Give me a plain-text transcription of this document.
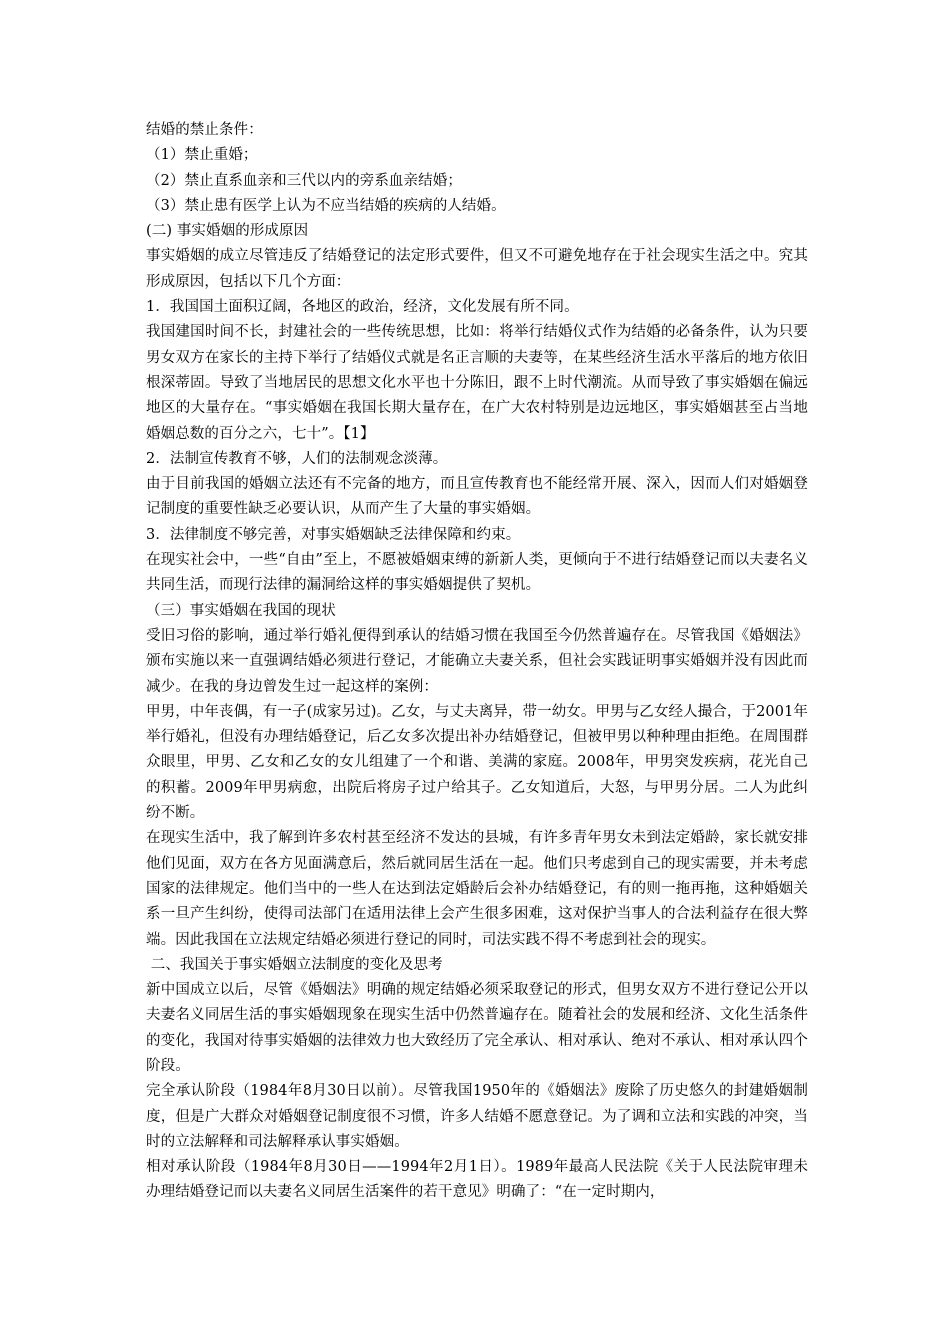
结婚的禁止条件：

（1）禁止重婚；

（2）禁止直系血亲和三代以内的旁系血亲结婚；

（3）禁止患有医学上认为不应当结婚的疾病的人结婚。

(二) 事实婚姻的形成原因

事实婚姻的成立尽管违反了结婚登记的法定形式要件，但又不可避免地存在于社会现实生活之中。究其形成原因，包括以下几个方面：

1．我国国土面积辽阔，各地区的政治，经济，文化发展有所不同。

我国建国时间不长，封建社会的一些传统思想，比如：将举行结婚仪式作为结婚的必备条件，认为只要男女双方在家长的主持下举行了结婚仪式就是名正言顺的夫妻等，在某些经济生活水平落后的地方依旧根深蒂固。导致了当地居民的思想文化水平也十分陈旧，跟不上时代潮流。从而导致了事实婚姻在偏远地区的大量存在。“事实婚姻在我国长期大量存在，在广大农村特别是边远地区，事实婚姻甚至占当地婚姻总数的百分之六，七十”。【1】

2．法制宣传教育不够，人们的法制观念淡薄。

由于目前我国的婚姻立法还有不完备的地方，而且宣传教育也不能经常开展、深入，因而人们对婚姻登记制度的重要性缺乏必要认识，从而产生了大量的事实婚姻。

3．法律制度不够完善，对事实婚姻缺乏法律保障和约束。

在现实社会中，一些“自由”至上，不愿被婚姻束缚的新新人类，更倾向于不进行结婚登记而以夫妻名义共同生活，而现行法律的漏洞给这样的事实婚姻提供了契机。

（三）事实婚姻在我国的现状

受旧习俗的影响，通过举行婚礼便得到承认的结婚习惯在我国至今仍然普遍存在。尽管我国《婚姻法》颁布实施以来一直强调结婚必须进行登记，才能确立夫妻关系，但社会实践证明事实婚姻并没有因此而减少。在我的身边曾发生过一起这样的案例：

甲男，中年丧偶，有一子(成家另过)。乙女，与丈夫离异，带一幼女。甲男与乙女经人撮合，于2001年举行婚礼，但没有办理结婚登记，后乙女多次提出补办结婚登记，但被甲男以种种理由拒绝。在周围群众眼里，甲男、乙女和乙女的女儿组建了一个和谐、美满的家庭。2008年，甲男突发疾病，花光自己的积蓄。2009年甲男病愈，出院后将房子过户给其子。乙女知道后，大怒，与甲男分居。二人为此纠纷不断。

在现实生活中，我了解到许多农村甚至经济不发达的县城，有许多青年男女未到法定婚龄，家长就安排他们见面，双方在各方见面满意后，然后就同居生活在一起。他们只考虑到自己的现实需要，并未考虑国家的法律规定。他们当中的一些人在达到法定婚龄后会补办结婚登记，有的则一拖再拖，这种婚姻关系一旦产生纠纷，使得司法部门在适用法律上会产生很多困难，这对保护当事人的合法利益存在很大弊端。因此我国在立法规定结婚必须进行登记的同时，司法实践不得不考虑到社会的现实。

二、我国关于事实婚姻立法制度的变化及思考

新中国成立以后，尽管《婚姻法》明确的规定结婚必须采取登记的形式，但男女双方不进行登记公开以夫妻名义同居生活的事实婚姻现象在现实生活中仍然普遍存在。随着社会的发展和经济、文化生活条件的变化，我国对待事实婚姻的法律效力也大致经历了完全承认、相对承认、绝对不承认、相对承认四个阶段。

完全承认阶段（1984年8月30日以前）。尽管我国1950年的《婚姻法》废除了历史悠久的封建婚姻制度，但是广大群众对婚姻登记制度很不习惯，许多人结婚不愿意登记。为了调和立法和实践的冲突，当时的立法解释和司法解释承认事实婚姻。

相对承认阶段（1984年8月30日——1994年2月1日）。1989年最高人民法院《关于人民法院审理未办理结婚登记而以夫妻名义同居生活案件的若干意见》明确了：“在一定时期内，
